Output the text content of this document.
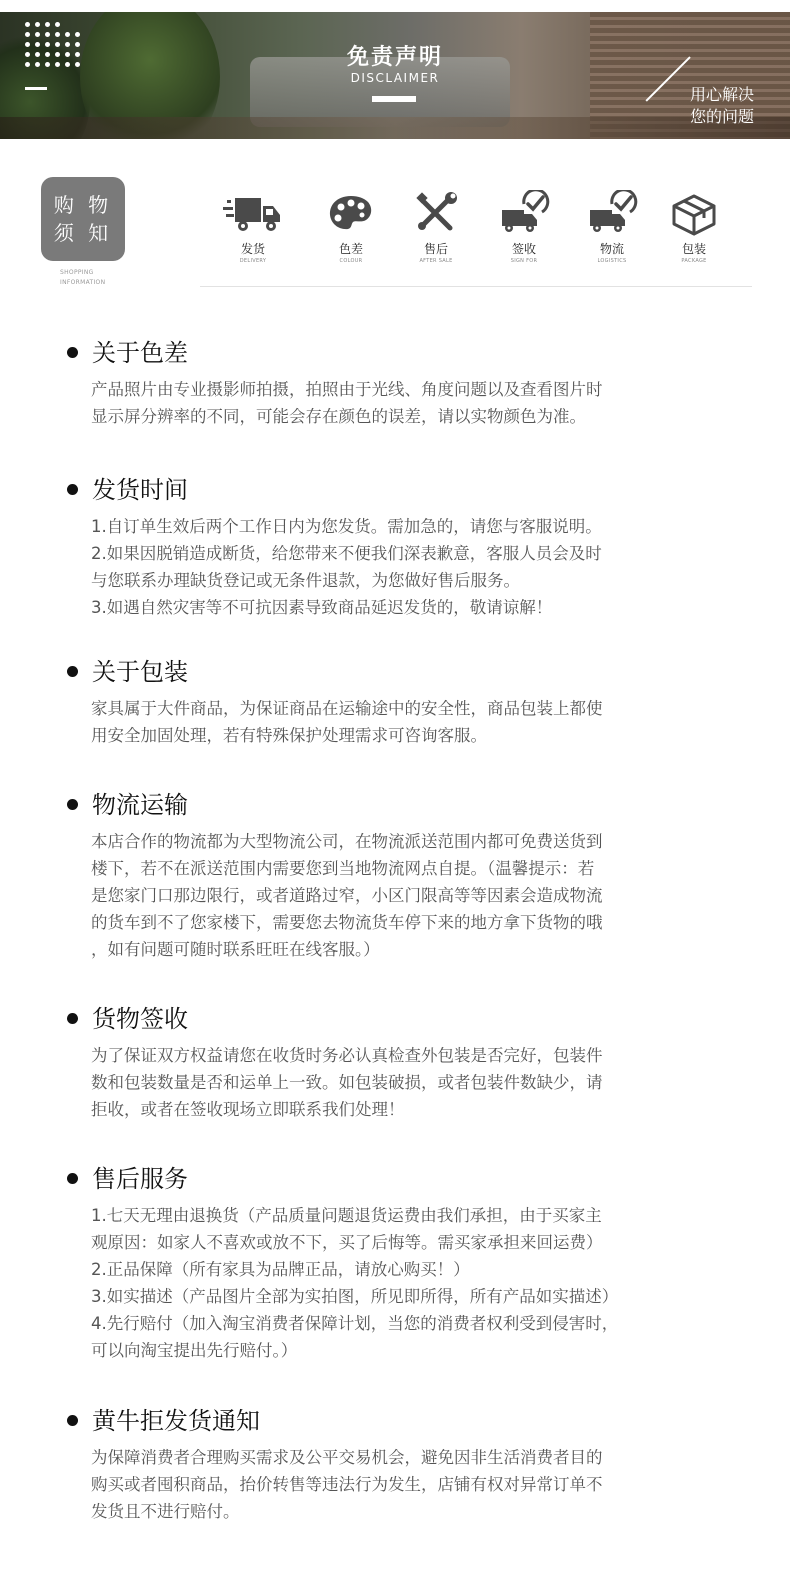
免责声明
DISCLAIMER
用心解决
您的问题
购 物
须 知
SHOPPING
INFORMATION
发货
DELIVERY
色差
COLOUR
售后
AFTER SALE
签收
SIGN FOR
物流
LOGISTICS
包装
PACKAGE
关于色差

产品照片由专业摄影师拍摄，拍照由于光线、角度问题以及查看图片时

显示屏分辨率的不同，可能会存在颜色的误差，请以实物颜色为准。

发货时间

1.自订单生效后两个工作日内为您发货。需加急的，请您与客服说明。

2.如果因脱销造成断货，给您带来不便我们深表歉意，客服人员会及时

与您联系办理缺货登记或无条件退款，为您做好售后服务。

3.如遇自然灾害等不可抗因素导致商品延迟发货的，敬请谅解！

关于包装

家具属于大件商品，为保证商品在运输途中的安全性，商品包装上都使

用安全加固处理，若有特殊保护处理需求可咨询客服。

物流运输

本店合作的物流都为大型物流公司，在物流派送范围内都可免费送货到

楼下，若不在派送范围内需要您到当地物流网点自提。（温馨提示：若

是您家门口那边限行，或者道路过窄，小区门限高等等因素会造成物流

的货车到不了您家楼下，需要您去物流货车停下来的地方拿下货物的哦

，如有问题可随时联系旺旺在线客服。）

货物签收

为了保证双方权益请您在收货时务必认真检查外包装是否完好，包装件

数和包装数量是否和运单上一致。如包装破损，或者包装件数缺少，请

拒收，或者在签收现场立即联系我们处理！

售后服务

1.七天无理由退换货（产品质量问题退货运费由我们承担，由于买家主

观原因：如家人不喜欢或放不下，买了后悔等。需买家承担来回运费）

2.正品保障（所有家具为品牌正品，请放心购买！）

3.如实描述（产品图片全部为实拍图，所见即所得，所有产品如实描述）

4.先行赔付（加入淘宝消费者保障计划，当您的消费者权利受到侵害时，

可以向淘宝提出先行赔付。）

黄牛拒发货通知

为保障消费者合理购买需求及公平交易机会，避免因非生活消费者目的

购买或者囤积商品，抬价转售等违法行为发生，店铺有权对异常订单不

发货且不进行赔付。
